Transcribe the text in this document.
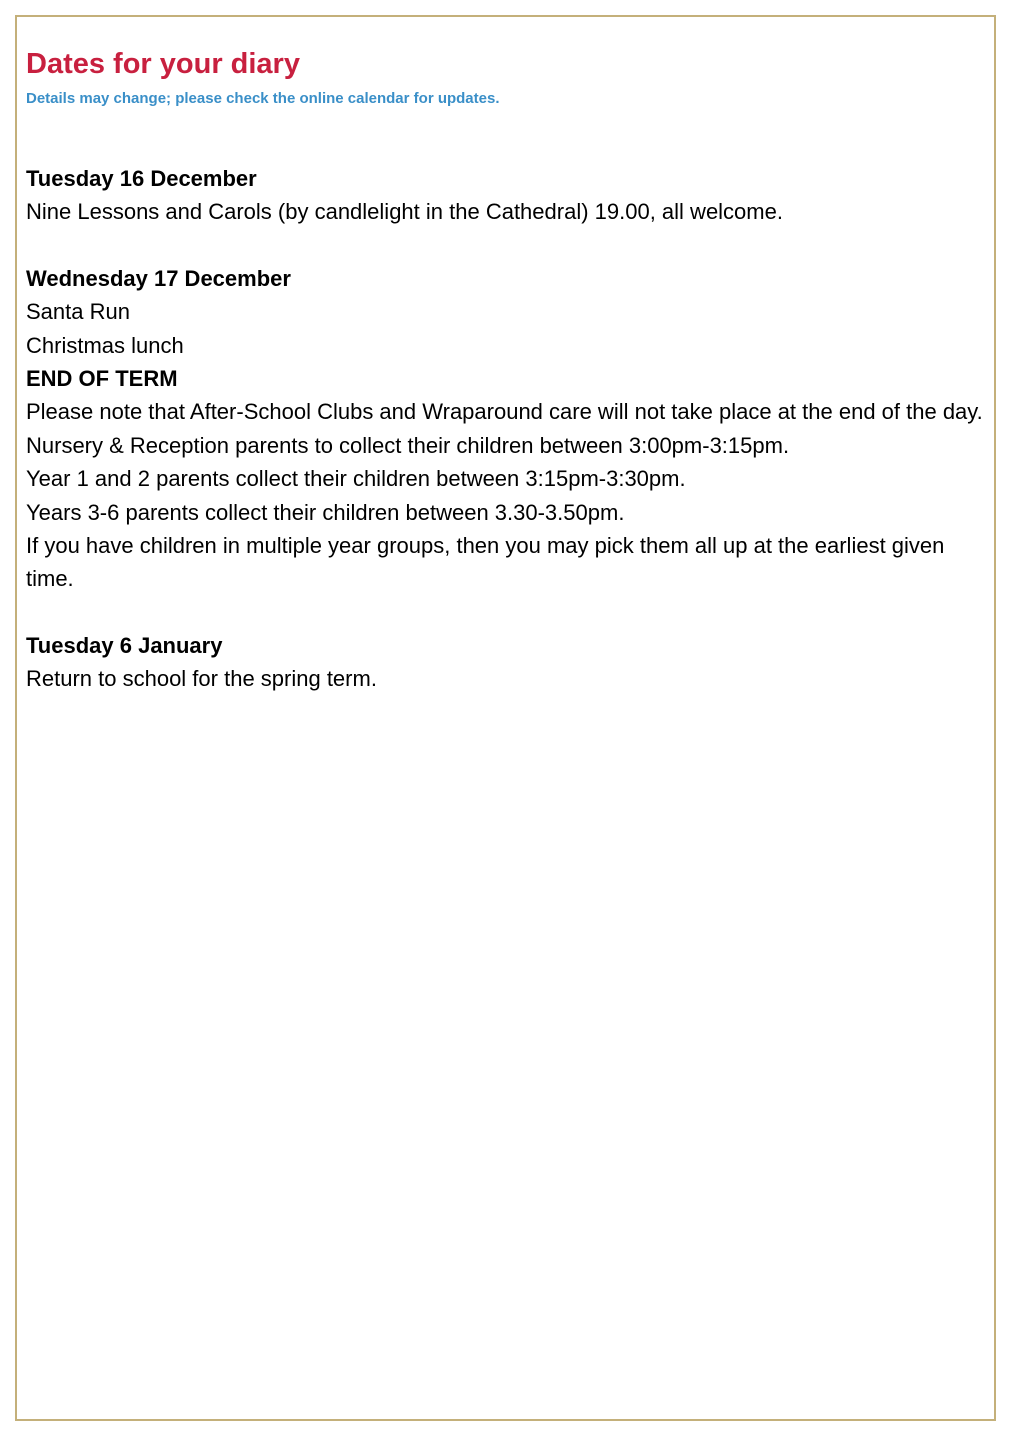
Dates for your diary

Details may change; please check the online calendar for updates.

Tuesday 16 December

Nine Lessons and Carols (by candlelight in the Cathedral) 19.00, all welcome.

Wednesday 17 December

Santa Run

Christmas lunch

END OF TERM

Please note that After-School Clubs and Wraparound care will not take place at the end of the day.

Nursery & Reception parents to collect their children between 3:00pm-3:15pm.

Year 1 and 2 parents collect their children between 3:15pm-3:30pm.

Years 3-6 parents collect their children between 3.30-3.50pm.

If you have children in multiple year groups, then you may pick them all up at the earliest given time.

Tuesday 6 January

Return to school for the spring term.
